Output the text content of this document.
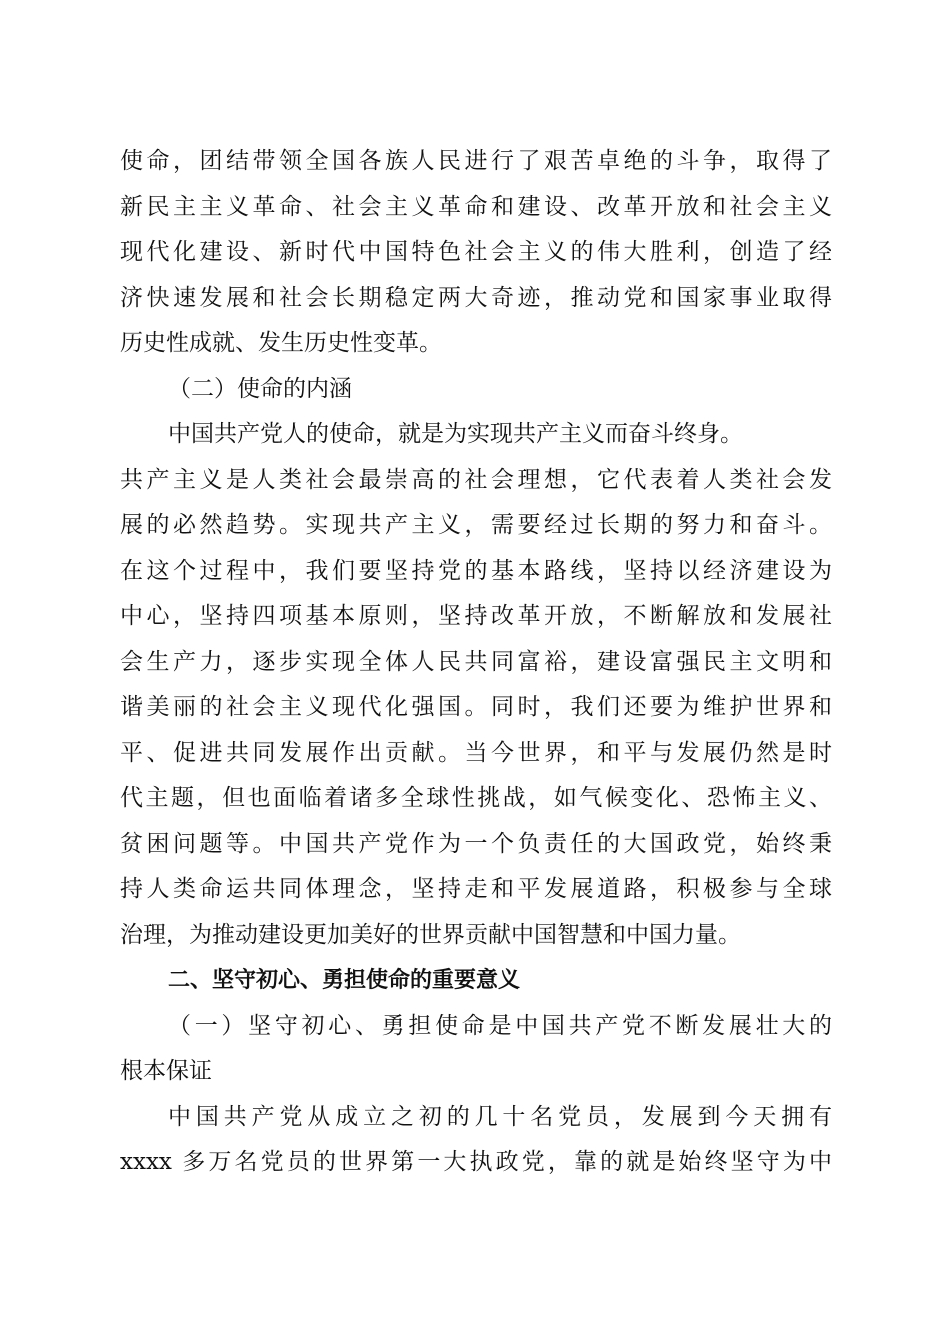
使命，团结带领全国各族人民进行了艰苦卓绝的斗争，取得了
新民主主义革命、社会主义革命和建设、改革开放和社会主义
现代化建设、新时代中国特色社会主义的伟大胜利，创造了经
济快速发展和社会长期稳定两大奇迹，推动党和国家事业取得
历史性成就、发生历史性变革。
（二）使命的内涵
中国共产党人的使命，就是为实现共产主义而奋斗终身。
共产主义是人类社会最崇高的社会理想，它代表着人类社会发
展的必然趋势。实现共产主义，需要经过长期的努力和奋斗。
在这个过程中，我们要坚持党的基本路线，坚持以经济建设为
中心，坚持四项基本原则，坚持改革开放，不断解放和发展社
会生产力，逐步实现全体人民共同富裕，建设富强民主文明和
谐美丽的社会主义现代化强国。同时，我们还要为维护世界和
平、促进共同发展作出贡献。当今世界，和平与发展仍然是时
代主题，但也面临着诸多全球性挑战，如气候变化、恐怖主义、
贫困问题等。中国共产党作为一个负责任的大国政党，始终秉
持人类命运共同体理念，坚持走和平发展道路，积极参与全球
治理，为推动建设更加美好的世界贡献中国智慧和中国力量。
二、坚守初心、勇担使命的重要意义
（一）坚守初心、勇担使命是中国共产党不断发展壮大的
根本保证
中国共产党从成立之初的几十名党员，发展到今天拥有
xxxx 多万名党员的世界第一大执政党，靠的就是始终坚守为中
